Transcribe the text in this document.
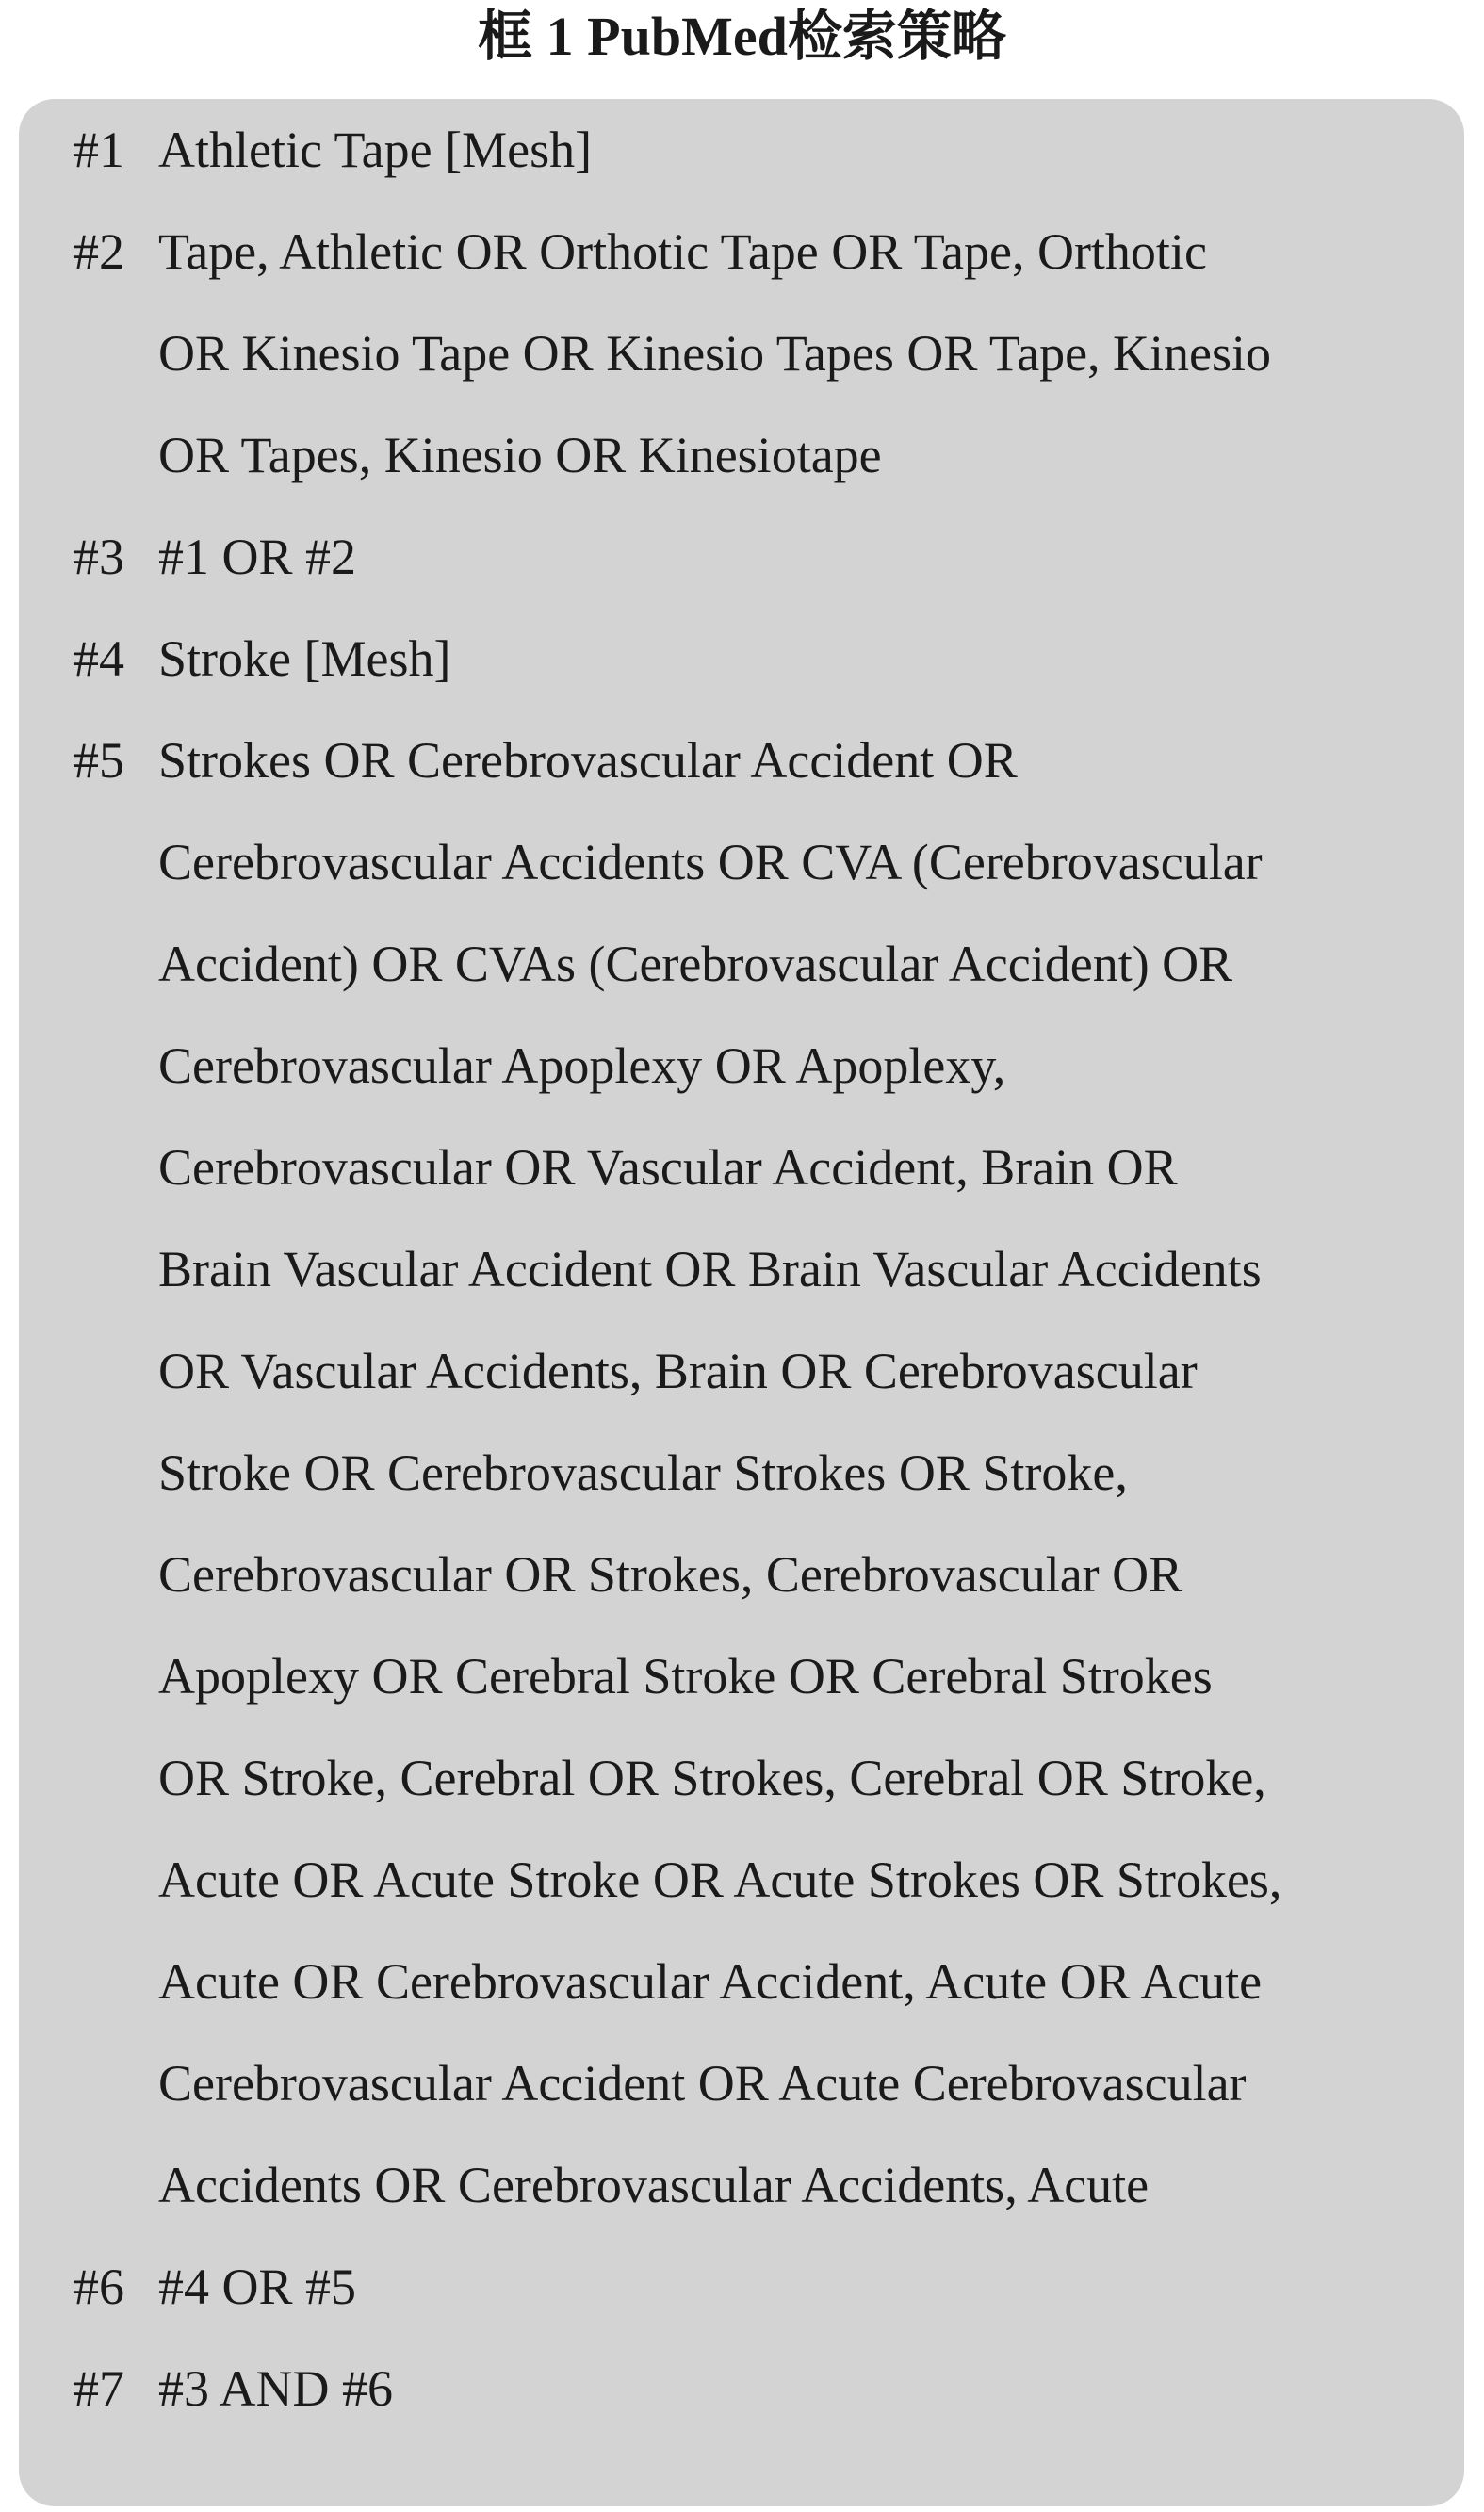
框 1 PubMed检索策略
#1 Athletic Tape [Mesh]
#2 Tape, Athletic OR Orthotic Tape OR Tape, Orthotic
OR Kinesio Tape OR Kinesio Tapes OR Tape, Kinesio
OR Tapes, Kinesio OR Kinesiotape
#3 #1 OR #2
#4 Stroke [Mesh]
#5 Strokes OR Cerebrovascular Accident OR
Cerebrovascular Accidents OR CVA (Cerebrovascular
Accident) OR CVAs (Cerebrovascular Accident) OR
Cerebrovascular Apoplexy OR Apoplexy,
Cerebrovascular OR Vascular Accident, Brain OR
Brain Vascular Accident OR Brain Vascular Accidents
OR Vascular Accidents, Brain OR Cerebrovascular
Stroke OR Cerebrovascular Strokes OR Stroke,
Cerebrovascular OR Strokes, Cerebrovascular OR
Apoplexy OR Cerebral Stroke OR Cerebral Strokes
OR Stroke, Cerebral OR Strokes, Cerebral OR Stroke,
Acute OR Acute Stroke OR Acute Strokes OR Strokes,
Acute OR Cerebrovascular Accident, Acute OR Acute
Cerebrovascular Accident OR Acute Cerebrovascular
Accidents OR Cerebrovascular Accidents, Acute
#6 #4 OR #5
#7 #3 AND #6
